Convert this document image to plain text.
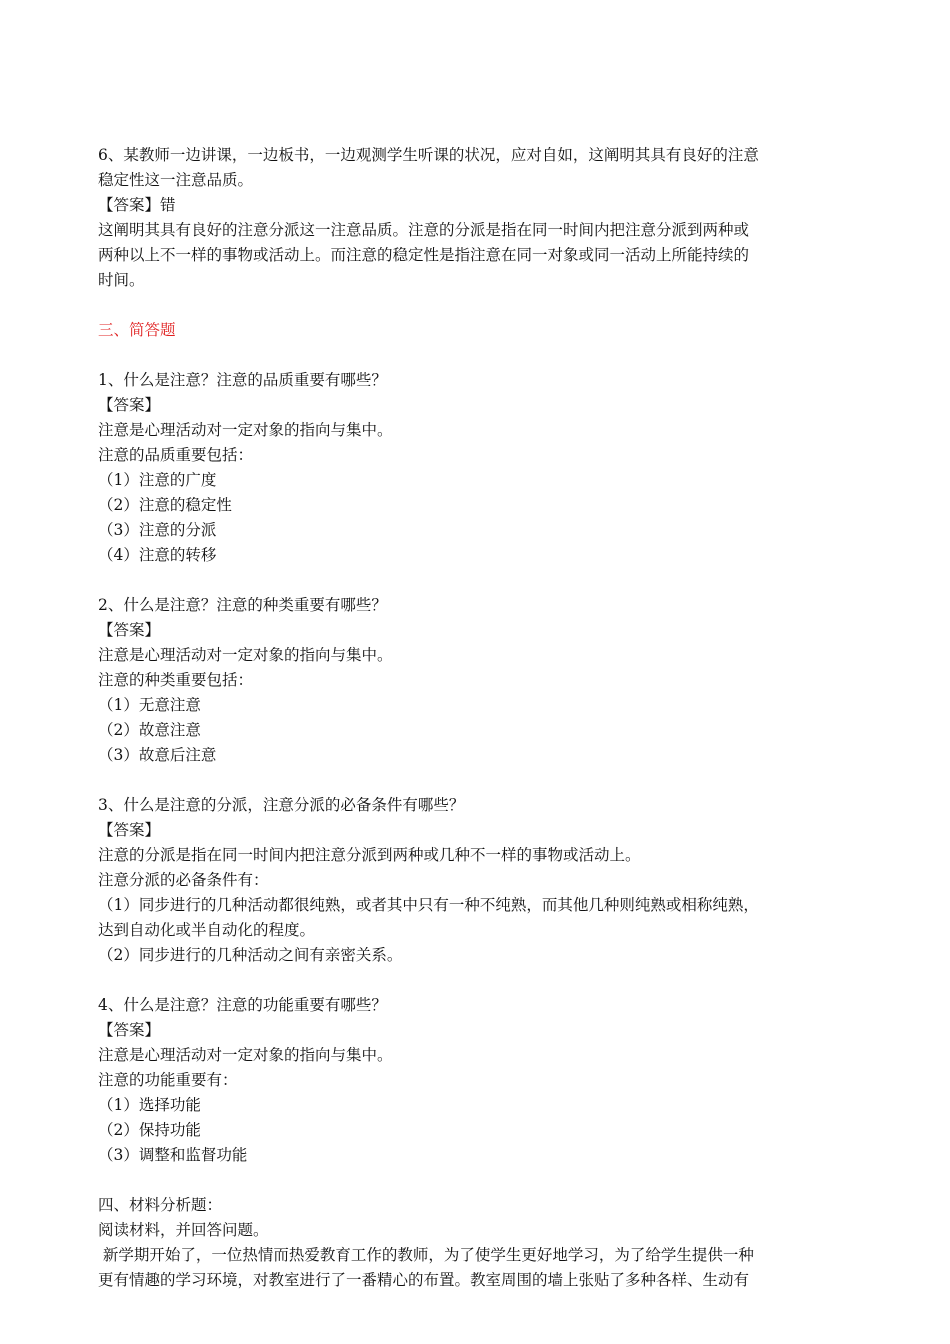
6、某教师一边讲课，一边板书，一边观测学生听课的状况，应对自如，这阐明其具有良好的注意
稳定性这一注意品质。
【答案】错
这阐明其具有良好的注意分派这一注意品质。注意的分派是指在同一时间内把注意分派到两种或
两种以上不一样的事物或活动上。而注意的稳定性是指注意在同一对象或同一活动上所能持续的
时间。
三、简答题
1、什么是注意？注意的品质重要有哪些？
【答案】
注意是心理活动对一定对象的指向与集中。
注意的品质重要包括：
（1）注意的广度
（2）注意的稳定性
（3）注意的分派
（4）注意的转移
2、什么是注意？注意的种类重要有哪些？
【答案】
注意是心理活动对一定对象的指向与集中。
注意的种类重要包括：
（1）无意注意
（2）故意注意
（3）故意后注意
3、什么是注意的分派，注意分派的必备条件有哪些？
【答案】
注意的分派是指在同一时间内把注意分派到两种或几种不一样的事物或活动上。
注意分派的必备条件有：
（1）同步进行的几种活动都很纯熟，或者其中只有一种不纯熟，而其他几种则纯熟或相称纯熟，
达到自动化或半自动化的程度。
（2）同步进行的几种活动之间有亲密关系。
4、什么是注意？注意的功能重要有哪些？
【答案】
注意是心理活动对一定对象的指向与集中。
注意的功能重要有：
（1）选择功能
（2）保持功能
（3）调整和监督功能
四、材料分析题：
阅读材料，并回答问题。
新学期开始了，一位热情而热爱教育工作的教师，为了使学生更好地学习，为了给学生提供一种
更有情趣的学习环境，对教室进行了一番精心的布置。教室周围的墙上张贴了多种各样、生动有
